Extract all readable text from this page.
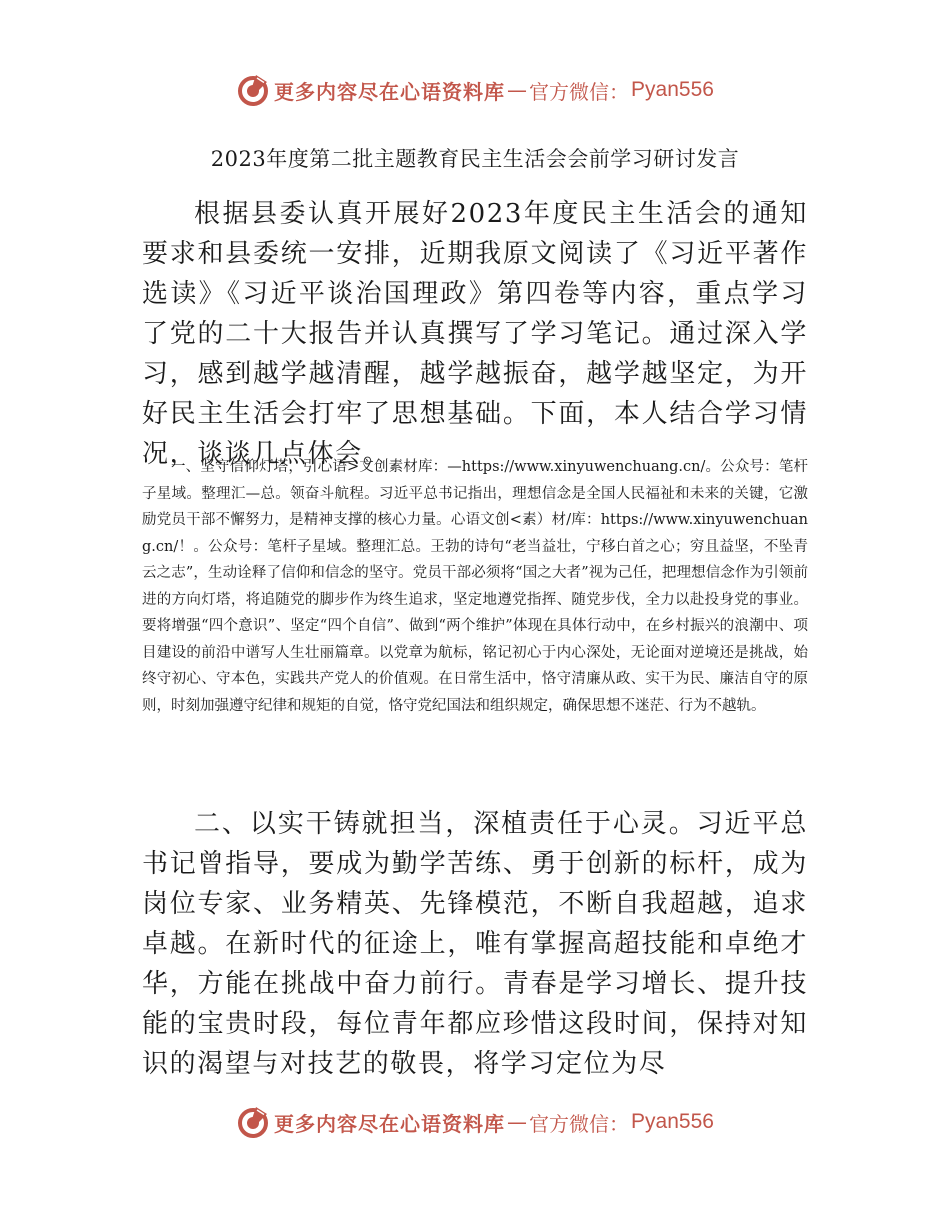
更多内容尽在心语资料库 — 官方微信： Pyan556
2023年度第二批主题教育民主生活会会前学习研讨发言

根据县委认真开展好2023年度民主生活会的通知要求和县委统一安排，近期我原文阅读了《习近平著作选读》《习近平谈治国理政》第四卷等内容，重点学习了党的二十大报告并认真撰写了学习笔记。通过深入学习，感到越学越清醒，越学越振奋，越学越坚定，为开好民主生活会打牢了思想基础。下面，本人结合学习情况，谈谈几点体会。

一、坚守信仰灯塔，引心语>文创素材库：—https://www.xinyuwenchuang.cn/。公众号：笔杆子星域。整理汇—总。领奋斗航程。习近平总书记指出，理想信念是全国人民福祉和未来的关键，它激励党员干部不懈努力，是精神支撑的核心力量。心语文创<素）材/库：https://www.xinyuwenchuang.cn/！。公众号：笔杆子星域。整理汇总。王勃的诗句“老当益壮，宁移白首之心；穷且益坚，不坠青云之志”，生动诠释了信仰和信念的坚守。党员干部必须将“国之大者”视为己任，把理想信念作为引领前进的方向灯塔，将追随党的脚步作为终生追求，坚定地遵党指挥、随党步伐，全力以赴投身党的事业。要将增强“四个意识”、坚定“四个自信”、做到“两个维护”体现在具体行动中，在乡村振兴的浪潮中、项目建设的前沿中谱写人生壮丽篇章。以党章为航标，铭记初心于内心深处，无论面对逆境还是挑战，始终守初心、守本色，实践共产党人的价值观。在日常生活中，恪守清廉从政、实干为民、廉洁自守的原则，时刻加强遵守纪律和规矩的自觉，恪守党纪国法和组织规定，确保思想不迷茫、行为不越轨。

二、以实干铸就担当，深植责任于心灵。习近平总书记曾指导，要成为勤学苦练、勇于创新的标杆，成为岗位专家、业务精英、先锋模范，不断自我超越，追求卓越。在新时代的征途上，唯有掌握高超技能和卓绝才华，方能在挑战中奋力前行。青春是学习增长、提升技能的宝贵时段，每位青年都应珍惜这段时间，保持对知识的渴望与对技艺的敬畏，将学习定位为尽

更多内容尽在心语资料库 — 官方微信： Pyan556
